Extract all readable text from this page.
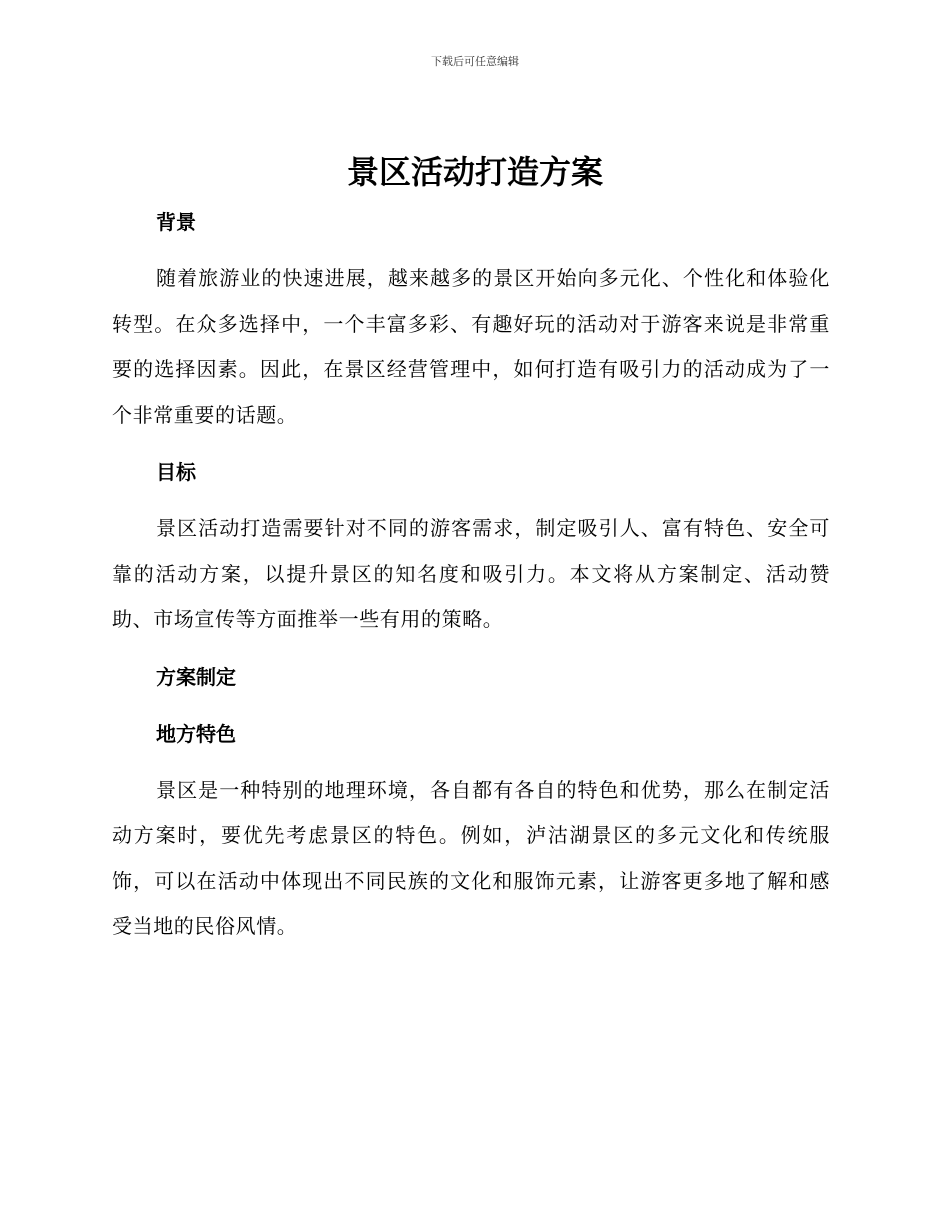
下载后可任意编辑
景区活动打造方案
背景

随着旅游业的快速进展，越来越多的景区开始向多元化、个性化和体验化转型。在众多选择中，一个丰富多彩、有趣好玩的活动对于游客来说是非常重要的选择因素。因此，在景区经营管理中，如何打造有吸引力的活动成为了一个非常重要的话题。

目标

景区活动打造需要针对不同的游客需求，制定吸引人、富有特色、安全可靠的活动方案，以提升景区的知名度和吸引力。本文将从方案制定、活动赞助、市场宣传等方面推举一些有用的策略。

方案制定
地方特色

景区是一种特别的地理环境，各自都有各自的特色和优势，那么在制定活动方案时，要优先考虑景区的特色。例如，泸沽湖景区的多元文化和传统服饰，可以在活动中体现出不同民族的文化和服饰元素，让游客更多地了解和感受当地的民俗风情。
